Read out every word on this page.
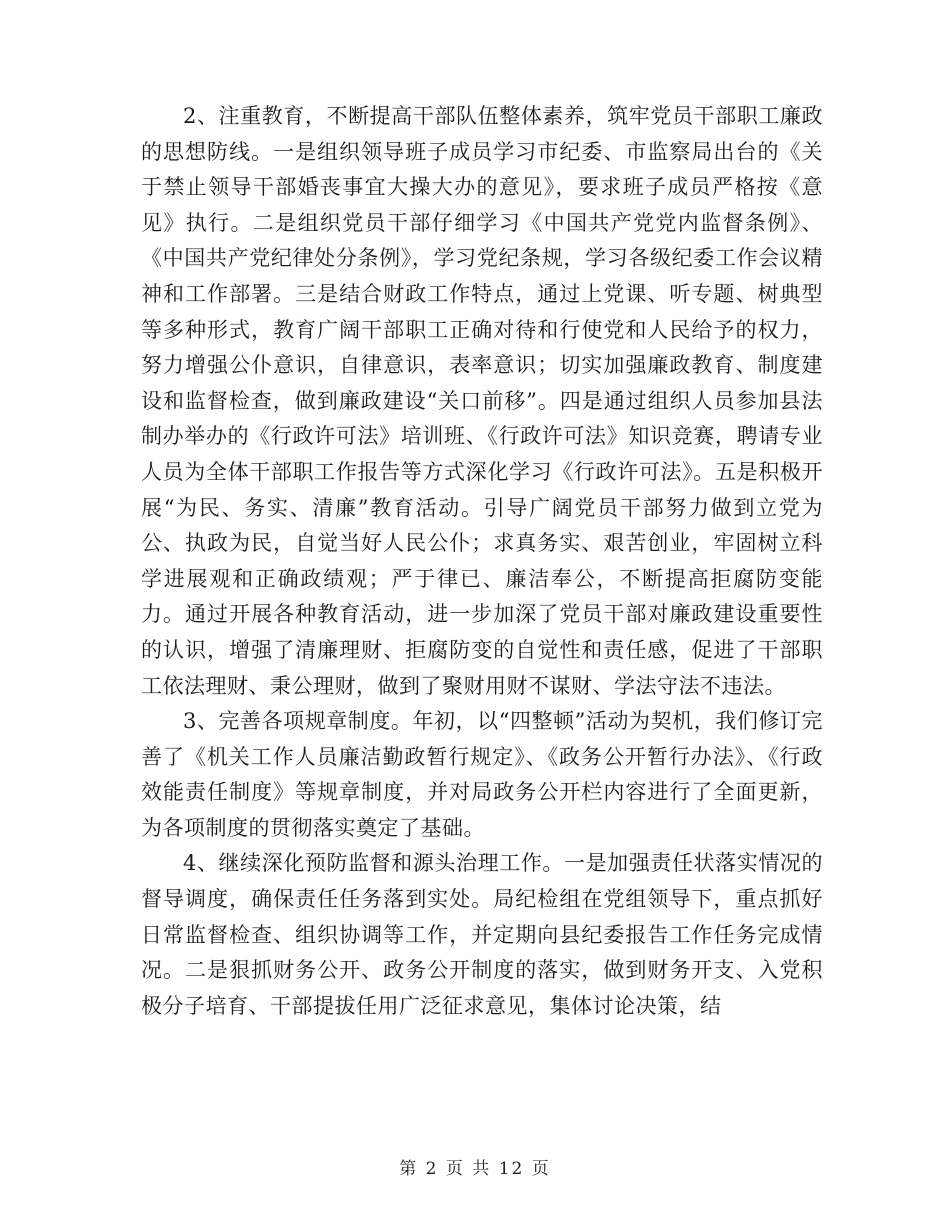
2、注重教育，不断提高干部队伍整体素养，筑牢党员干部职工廉政的思想防线。一是组织领导班子成员学习市纪委、市监察局出台的《关于禁止领导干部婚丧事宜大操大办的意见》，要求班子成员严格按《意见》执行。二是组织党员干部仔细学习《中国共产党党内监督条例》、《中国共产党纪律处分条例》，学习党纪条规，学习各级纪委工作会议精神和工作部署。三是结合财政工作特点，通过上党课、听专题、树典型等多种形式，教育广阔干部职工正确对待和行使党和人民给予的权力，努力增强公仆意识，自律意识，表率意识；切实加强廉政教育、制度建设和监督检查，做到廉政建设“关口前移”。四是通过组织人员参加县法制办举办的《行政许可法》培训班、《行政许可法》知识竞赛，聘请专业人员为全体干部职工作报告等方式深化学习《行政许可法》。五是积极开展“为民、务实、清廉”教育活动。引导广阔党员干部努力做到立党为公、执政为民，自觉当好人民公仆；求真务实、艰苦创业，牢固树立科学进展观和正确政绩观；严于律已、廉洁奉公，不断提高拒腐防变能力。通过开展各种教育活动，进一步加深了党员干部对廉政建设重要性的认识，增强了清廉理财、拒腐防变的自觉性和责任感，促进了干部职工依法理财、秉公理财，做到了聚财用财不谋财、学法守法不违法。

3、完善各项规章制度。年初，以“四整顿”活动为契机，我们修订完善了《机关工作人员廉洁勤政暂行规定》、《政务公开暂行办法》、《行政效能责任制度》等规章制度，并对局政务公开栏内容进行了全面更新，为各项制度的贯彻落实奠定了基础。

4、继续深化预防监督和源头治理工作。一是加强责任状落实情况的督导调度，确保责任任务落到实处。局纪检组在党组领导下，重点抓好日常监督检查、组织协调等工作，并定期向县纪委报告工作任务完成情况。二是狠抓财务公开、政务公开制度的落实，做到财务开支、入党积极分子培育、干部提拔任用广泛征求意见，集体讨论决策，结

第 2 页 共 12 页
